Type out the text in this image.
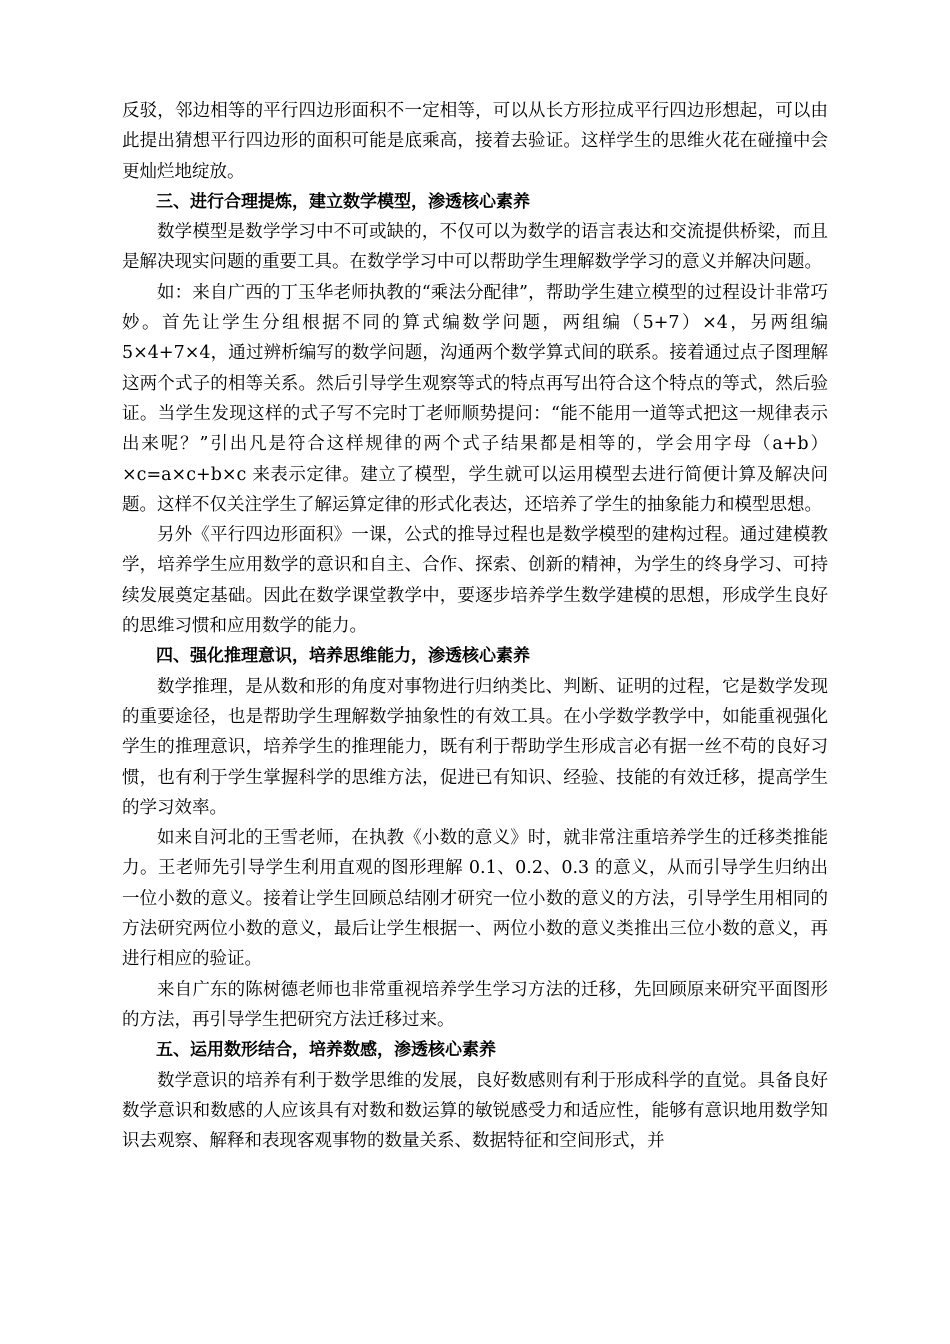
反驳，邻边相等的平行四边形面积不一定相等，可以从长方形拉成平行四边形想起，可以由此提出猜想平行四边形的面积可能是底乘高，接着去验证。这样学生的思维火花在碰撞中会更灿烂地绽放。

三、进行合理提炼，建立数学模型，渗透核心素养

数学模型是数学学习中不可或缺的，不仅可以为数学的语言表达和交流提供桥梁，而且是解决现实问题的重要工具。在数学学习中可以帮助学生理解数学学习的意义并解决问题。

如：来自广西的丁玉华老师执教的“乘法分配律”，帮助学生建立模型的过程设计非常巧妙。首先让学生分组根据不同的算式编数学问题，两组编（5+7）×4，另两组编 5×4+7×4，通过辨析编写的数学问题，沟通两个数学算式间的联系。接着通过点子图理解这两个式子的相等关系。然后引导学生观察等式的特点再写出符合这个特点的等式，然后验证。当学生发现这样的式子写不完时丁老师顺势提问：“能不能用一道等式把这一规律表示出来呢？”引出凡是符合这样规律的两个式子结果都是相等的，学会用字母（a+b）×c=a×c+b×c 来表示定律。建立了模型，学生就可以运用模型去进行简便计算及解决问题。这样不仅关注学生了解运算定律的形式化表达，还培养了学生的抽象能力和模型思想。

另外《平行四边形面积》一课，公式的推导过程也是数学模型的建构过程。通过建模教学，培养学生应用数学的意识和自主、合作、探索、创新的精神，为学生的终身学习、可持续发展奠定基础。因此在数学课堂教学中，要逐步培养学生数学建模的思想，形成学生良好的思维习惯和应用数学的能力。

四、强化推理意识，培养思维能力，渗透核心素养

数学推理，是从数和形的角度对事物进行归纳类比、判断、证明的过程，它是数学发现的重要途径，也是帮助学生理解数学抽象性的有效工具。在小学数学教学中，如能重视强化学生的推理意识，培养学生的推理能力，既有利于帮助学生形成言必有据一丝不苟的良好习惯，也有利于学生掌握科学的思维方法，促进已有知识、经验、技能的有效迁移，提高学生的学习效率。

如来自河北的王雪老师，在执教《小数的意义》时，就非常注重培养学生的迁移类推能力。王老师先引导学生利用直观的图形理解 0.1、0.2、0.3 的意义，从而引导学生归纳出一位小数的意义。接着让学生回顾总结刚才研究一位小数的意义的方法，引导学生用相同的方法研究两位小数的意义，最后让学生根据一、两位小数的意义类推出三位小数的意义，再进行相应的验证。

来自广东的陈树德老师也非常重视培养学生学习方法的迁移，先回顾原来研究平面图形的方法，再引导学生把研究方法迁移过来。

五、运用数形结合，培养数感，渗透核心素养

数学意识的培养有利于数学思维的发展，良好数感则有利于形成科学的直觉。具备良好数学意识和数感的人应该具有对数和数运算的敏锐感受力和适应性，能够有意识地用数学知识去观察、解释和表现客观事物的数量关系、数据特征和空间形式，并
